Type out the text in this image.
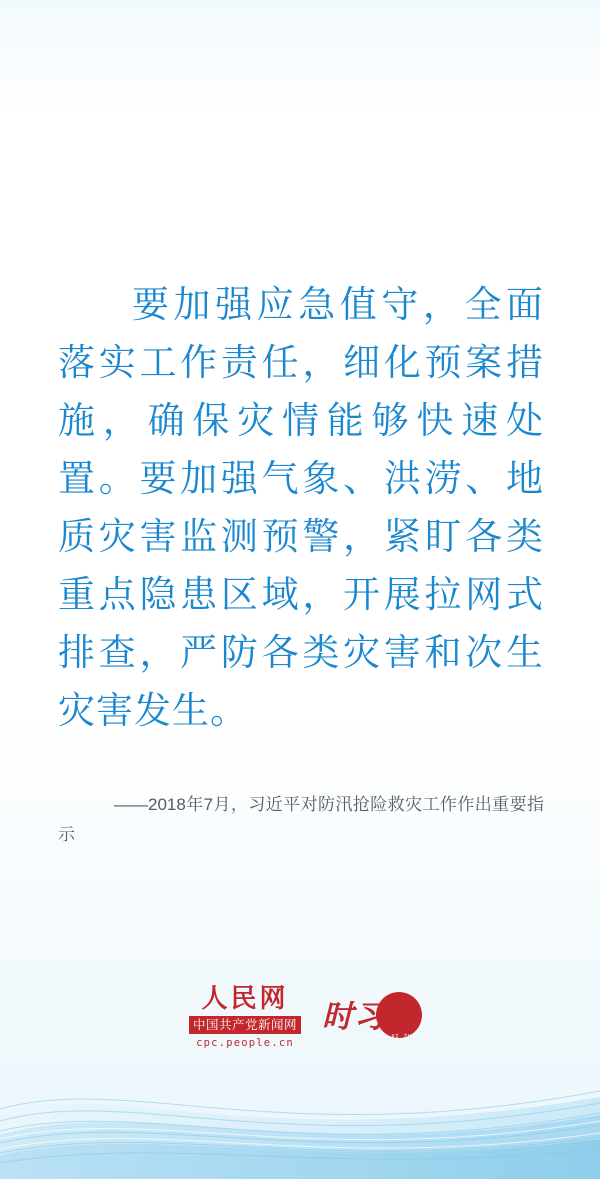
要加强应急值守，全面落实工作责任，细化预案措施，确保灾情能够快速处置。要加强气象、洪涝、地质灾害监测预警，紧盯各类重点隐患区域，开展拉网式排查，严防各类灾害和次生灾害发生。
——2018年7月，习近平对防汛抢险救灾工作作出重要指示
人民网
中国共产党新闻网
cpc.people.cn
时习之
SHI XI ZHI
